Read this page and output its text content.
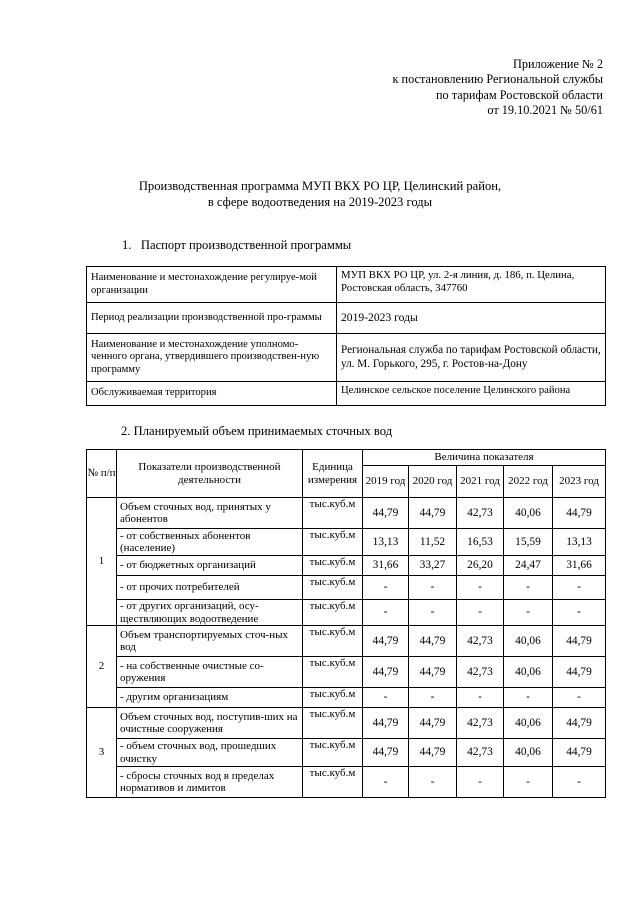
Приложение № 2
к постановлению Региональной службы
по тарифам Ростовской области
от 19.10.2021 № 50/61
Производственная программа МУП ВКХ РО ЦР, Целинский район,
в сфере водоотведения на 2019-2023 годы
1. Паспорт производственной программы
Наименование и местонахождение регулируе-мой организации	МУП ВКХ РО ЦР, ул. 2-я линия, д. 186, п. Целина, Ростовская область, 347760
Период реализации производственной про-граммы	2019-2023 годы
Наименование и местонахождение уполномо-ченного органа, утвердившего производствен-ную программу	Региональная служба по тарифам Ростовской области, ул. М. Горького, 295, г. Ростов-на-Дону
Обслуживаемая территория	Целинское сельское поселение Целинского района
2. Планируемый объем принимаемых сточных вод
№ п/п	Показатели производственной деятельности	Единица измерения	Величина показателя				
			2019 год	2020 год	2021 год	2022 год	2023 год
1	Объем сточных вод, принятых у абонентов	тыс.куб.м	44,79	44,79	42,73	40,06	44,79
	- от собственных абонентов (население)	тыс.куб.м	13,13	11,52	16,53	15,59	13,13
	- от бюджетных организаций	тыс.куб.м	31,66	33,27	26,20	24,47	31,66
	- от прочих потребителей	тыс.куб.м	-	-	-	-	-
	- от других организаций, осу-ществляющих водоотведение	тыс.куб.м	-	-	-	-	-
2	Объем транспортируемых сточ-ных вод	тыс.куб.м	44,79	44,79	42,73	40,06	44,79
	- на собственные очистные со-оружения	тыс.куб.м	44,79	44,79	42,73	40,06	44,79
	- другим организациям	тыс.куб.м	-	-	-	-	-
3	Объем сточных вод, поступив-ших на очистные сооружения	тыс.куб.м	44,79	44,79	42,73	40,06	44,79
	- объем сточных вод, прошедших очистку	тыс.куб.м	44,79	44,79	42,73	40,06	44,79
	- сбросы сточных вод в пределах нормативов и лимитов	тыс.куб.м	-	-	-	-	-
